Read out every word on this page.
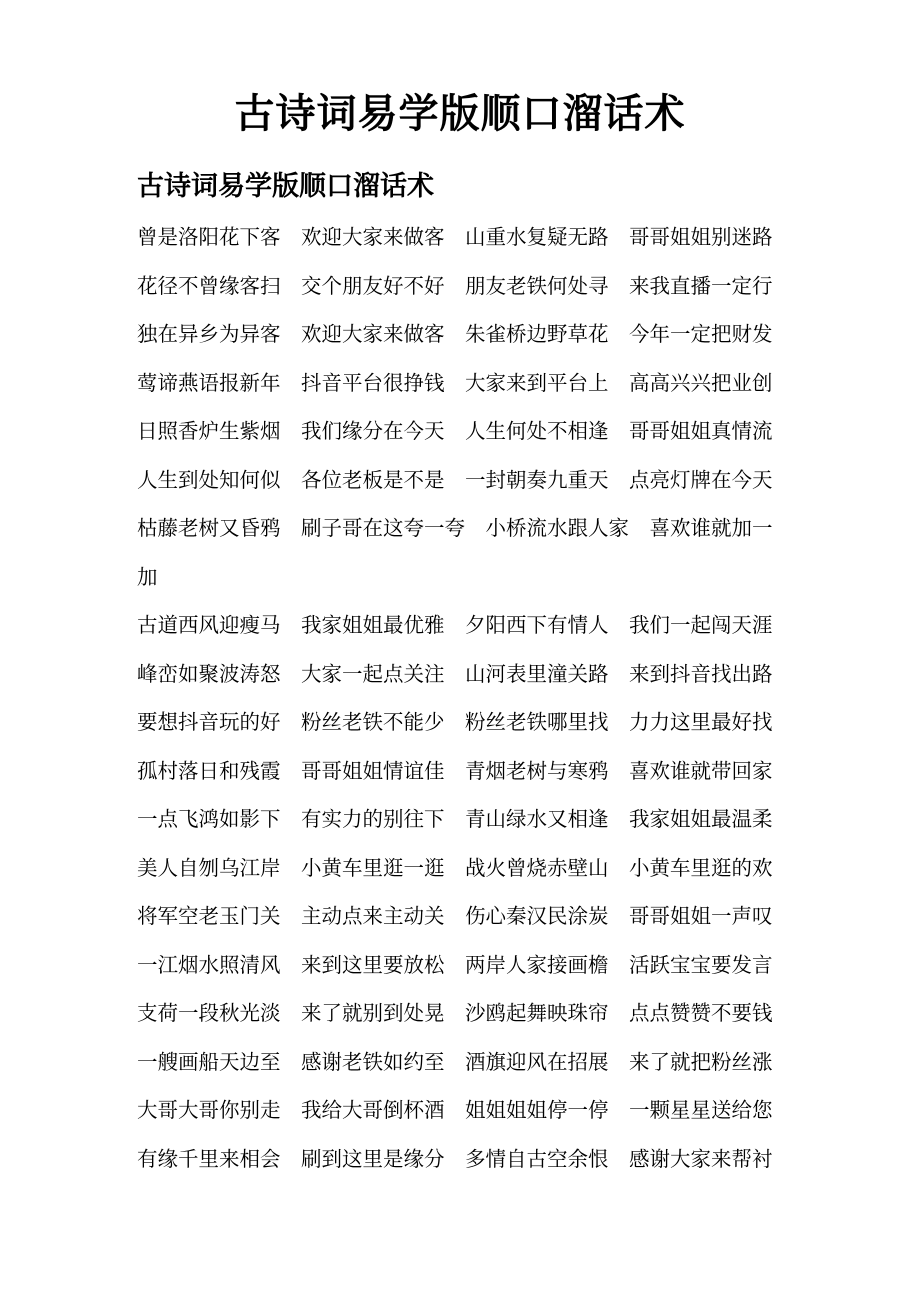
古诗词易学版顺口溜话术
古诗词易学版顺口溜话术
曾是洛阳花下客　欢迎大家来做客　山重水复疑无路　哥哥姐姐别迷路
花径不曾缘客扫　交个朋友好不好　朋友老铁何处寻　来我直播一定行
独在异乡为异客　欢迎大家来做客　朱雀桥边野草花　今年一定把财发
莺谛燕语报新年　抖音平台很挣钱　大家来到平台上　高高兴兴把业创
日照香炉生紫烟　我们缘分在今天　人生何处不相逢　哥哥姐姐真情流
人生到处知何似　各位老板是不是　一封朝奏九重天　点亮灯牌在今天
枯藤老树又昏鸦　刷子哥在这夸一夸　小桥流水跟人家　喜欢谁就加一加
古道西风迎瘦马　我家姐姐最优雅　夕阳西下有情人　我们一起闯天涯
峰峦如聚波涛怒　大家一起点关注　山河表里潼关路　来到抖音找出路
要想抖音玩的好　粉丝老铁不能少　粉丝老铁哪里找　力力这里最好找
孤村落日和残霞　哥哥姐姐情谊佳　青烟老树与寒鸦　喜欢谁就带回家
一点飞鸿如影下　有实力的别往下　青山绿水又相逢　我家姐姐最温柔
美人自刎乌江岸　小黄车里逛一逛　战火曾烧赤壁山　小黄车里逛的欢
将军空老玉门关　主动点来主动关　伤心秦汉民涂炭　哥哥姐姐一声叹
一江烟水照清风　来到这里要放松　两岸人家接画檐　活跃宝宝要发言
支荷一段秋光淡　来了就别到处晃　沙鸥起舞映珠帘　点点赞赞不要钱
一艘画船天边至　感谢老铁如约至　酒旗迎风在招展　来了就把粉丝涨
大哥大哥你别走　我给大哥倒杯酒　姐姐姐姐停一停　一颗星星送给您
有缘千里来相会　刷到这里是缘分　多情自古空余恨　感谢大家来帮衬
